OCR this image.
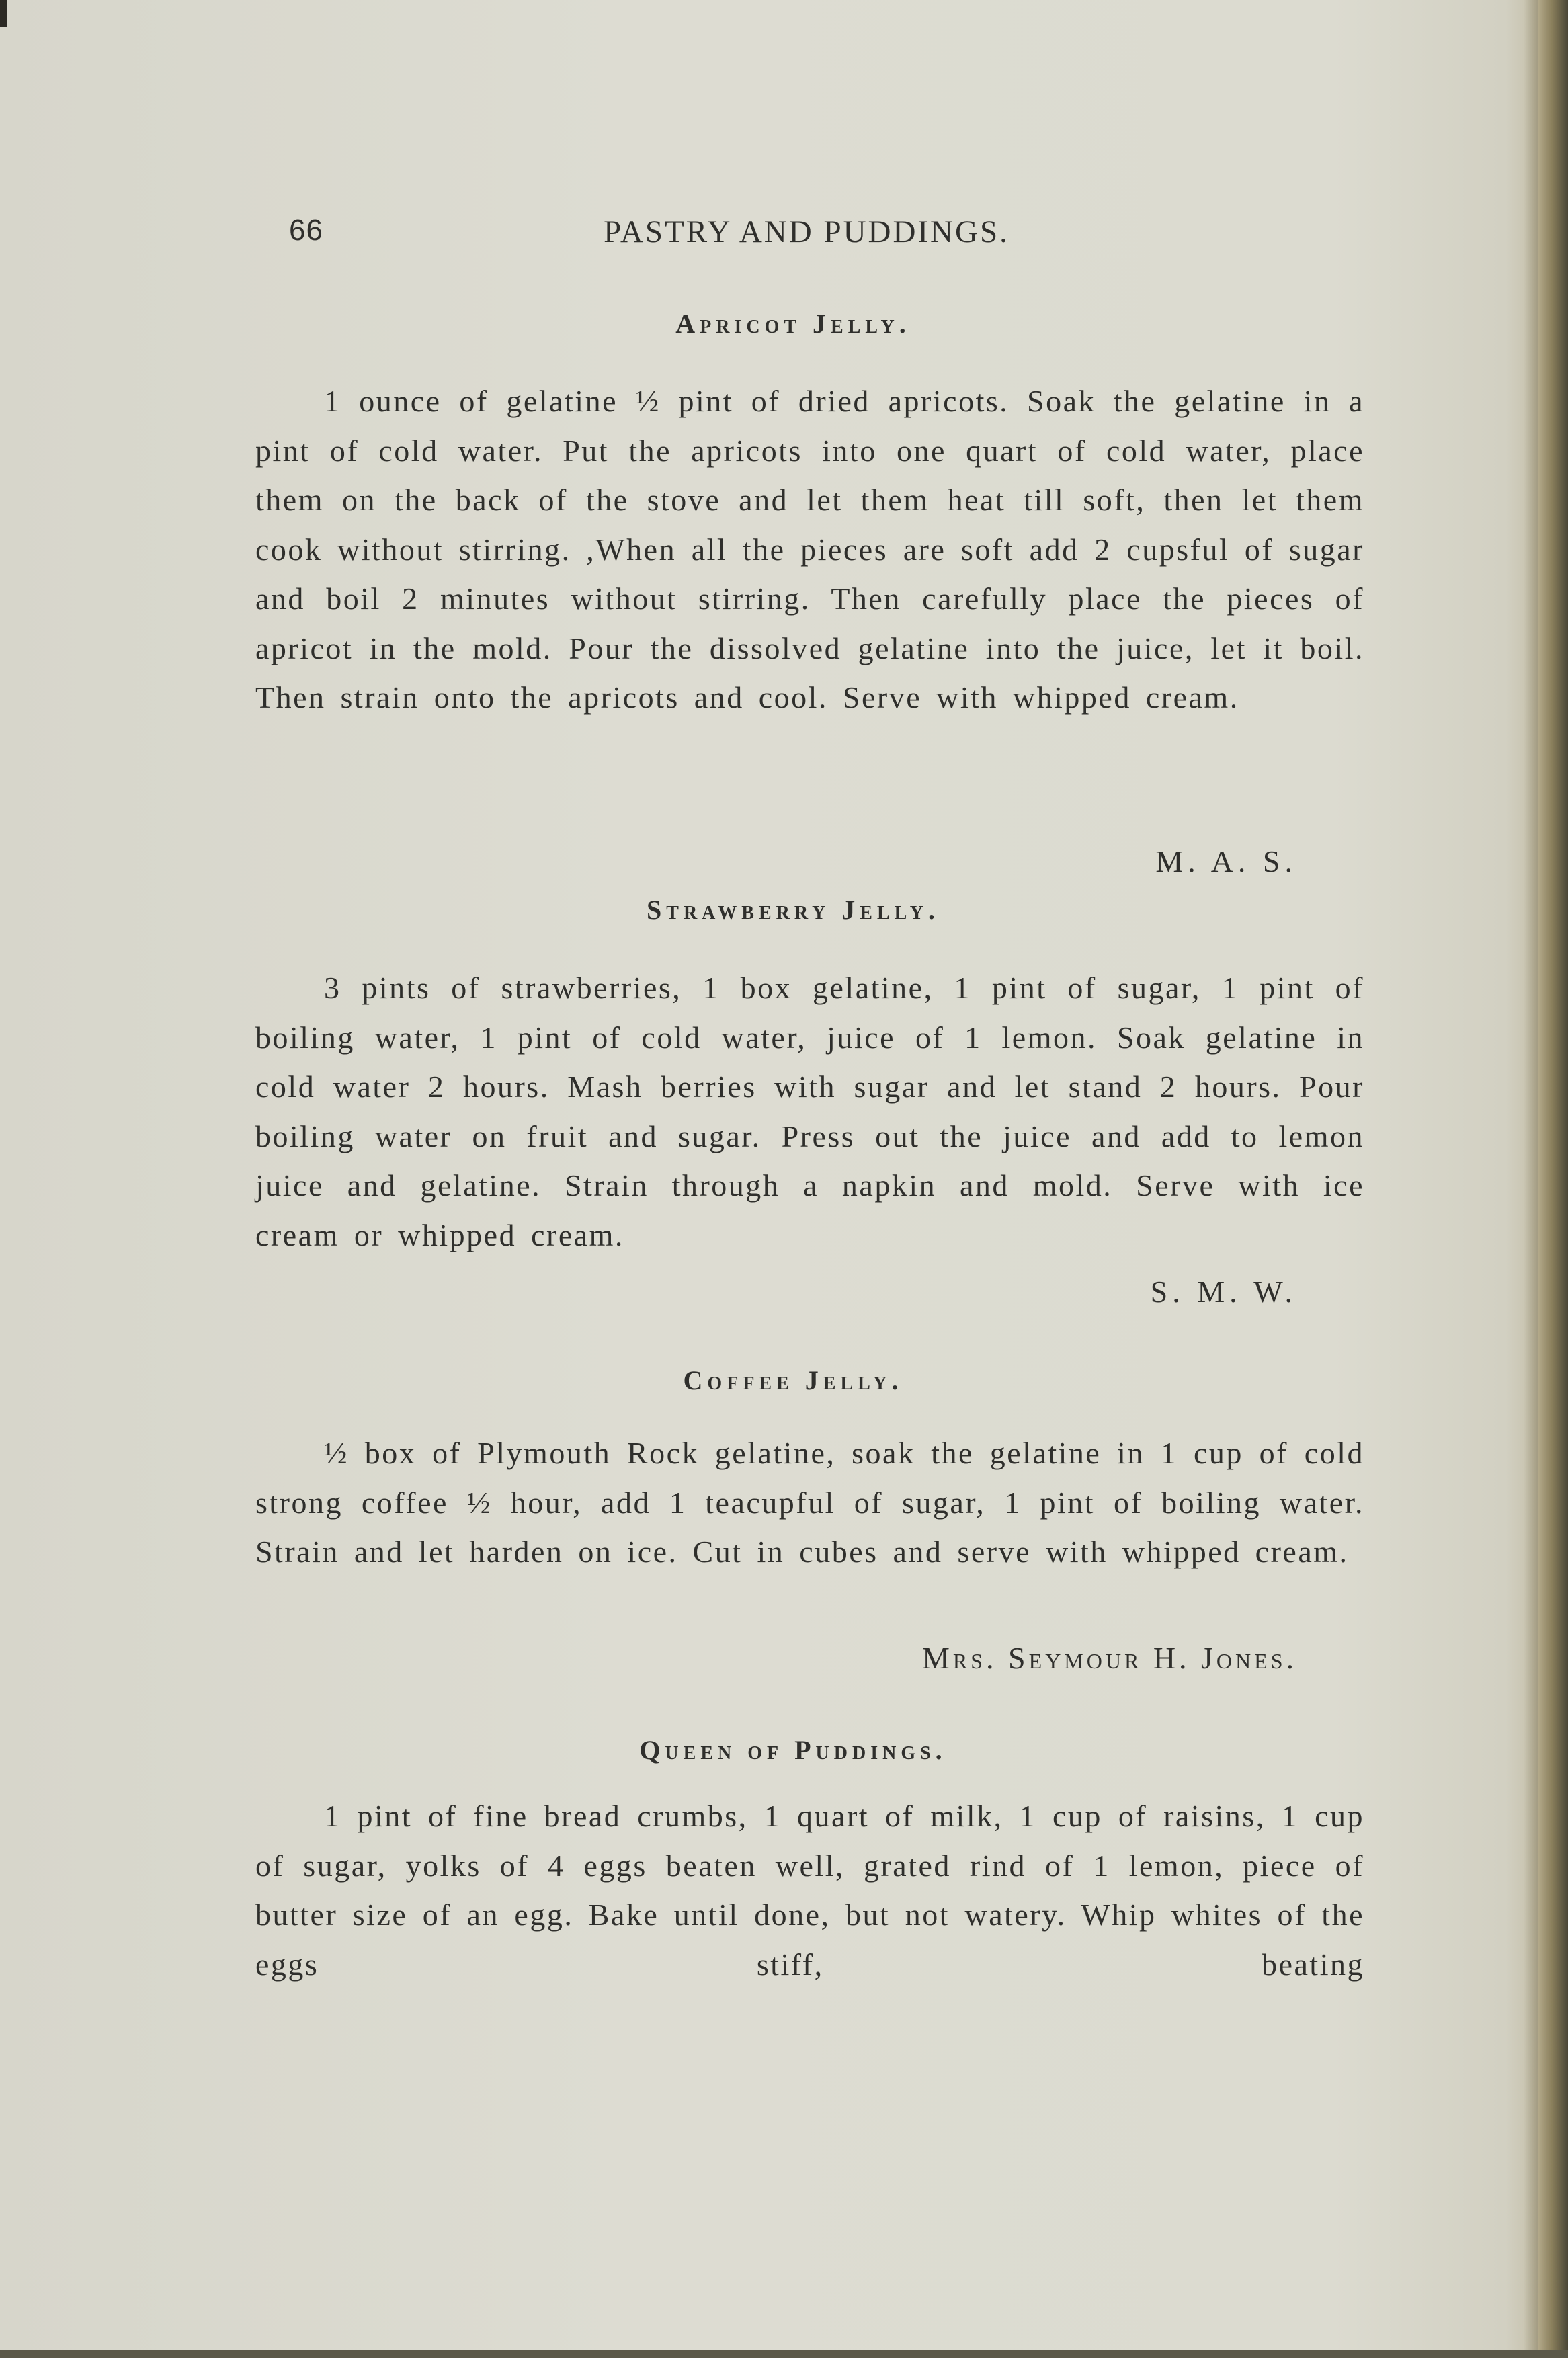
66	PASTRY AND PUDDINGS.
Apricot Jelly.

1 ounce of gelatine ½ pint of dried apricots. Soak the gelatine in a pint of cold water. Put the apricots into one quart of cold water, place them on the back of the stove and let them heat till soft, then let them cook without stirring. ,When all the pieces are soft add 2 cupsful of sugar and boil 2 minutes without stirring. Then carefully place the pieces of apricot in the mold. Pour the dissolved gelatine into the juice, let it boil. Then strain onto the apricots and cool. Serve with whipped cream.

M. A. S.
Strawberry Jelly.

3 pints of strawberries, 1 box gelatine, 1 pint of sugar, 1 pint of boiling water, 1 pint of cold water, juice of 1 lemon. Soak gelatine in cold water 2 hours. Mash berries with sugar and let stand 2 hours. Pour boiling water on fruit and sugar. Press out the juice and add to lemon juice and gelatine. Strain through a napkin and mold. Serve with ice cream or whipped cream.

S. M. W.
Coffee Jelly.

½ box of Plymouth Rock gelatine, soak the gelatine in 1 cup of cold strong coffee ½ hour, add 1 teacupful of sugar, 1 pint of boiling water. Strain and let harden on ice. Cut in cubes and serve with whipped cream.

Mrs. Seymour H. Jones.
Queen of Puddings.

1 pint of fine bread crumbs, 1 quart of milk, 1 cup of raisins, 1 cup of sugar, yolks of 4 eggs beaten well, grated rind of 1 lemon, piece of butter size of an egg. Bake until done, but not watery. Whip whites of the eggs stiff, beating
